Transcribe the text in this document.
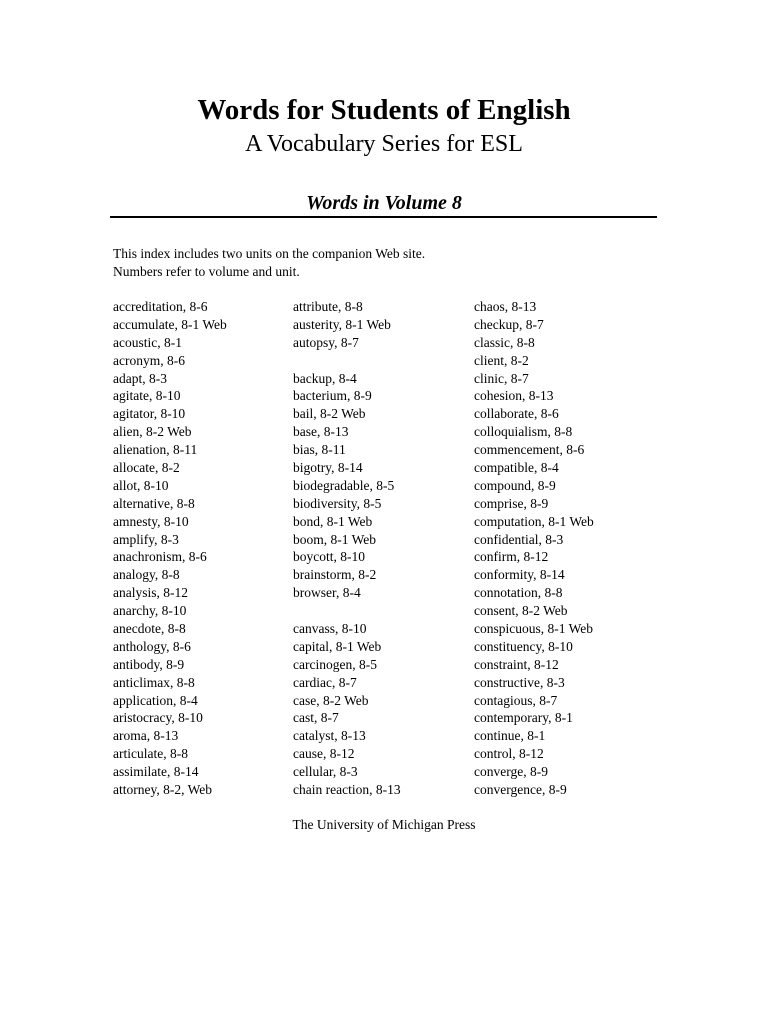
Words for Students of English
A Vocabulary Series for ESL
Words in Volume 8
This index includes two units on the companion Web site.
Numbers refer to volume and unit.
accreditation, 8-6
accumulate, 8-1 Web
acoustic, 8-1
acronym, 8-6
adapt, 8-3
agitate, 8-10
agitator, 8-10
alien, 8-2 Web
alienation, 8-11
allocate, 8-2
allot, 8-10
alternative, 8-8
amnesty, 8-10
amplify, 8-3
anachronism, 8-6
analogy, 8-8
analysis, 8-12
anarchy, 8-10
anecdote, 8-8
anthology, 8-6
antibody, 8-9
anticlimax, 8-8
application, 8-4
aristocracy, 8-10
aroma, 8-13
articulate, 8-8
assimilate, 8-14
attorney, 8-2, Web
attribute, 8-8
austerity, 8-1 Web
autopsy, 8-7
backup, 8-4
bacterium, 8-9
bail, 8-2 Web
base, 8-13
bias, 8-11
bigotry, 8-14
biodegradable, 8-5
biodiversity, 8-5
bond, 8-1 Web
boom, 8-1 Web
boycott, 8-10
brainstorm, 8-2
browser, 8-4
canvass, 8-10
capital, 8-1 Web
carcinogen, 8-5
cardiac, 8-7
case, 8-2 Web
cast, 8-7
catalyst, 8-13
cause, 8-12
cellular, 8-3
chain reaction, 8-13
chaos, 8-13
checkup, 8-7
classic, 8-8
client, 8-2
clinic, 8-7
cohesion, 8-13
collaborate, 8-6
colloquialism, 8-8
commencement, 8-6
compatible, 8-4
compound, 8-9
comprise, 8-9
computation, 8-1 Web
confidential, 8-3
confirm, 8-12
conformity, 8-14
connotation, 8-8
consent, 8-2 Web
conspicuous, 8-1 Web
constituency, 8-10
constraint, 8-12
constructive, 8-3
contagious, 8-7
contemporary, 8-1
continue, 8-1
control, 8-12
converge, 8-9
convergence, 8-9
The University of Michigan Press
